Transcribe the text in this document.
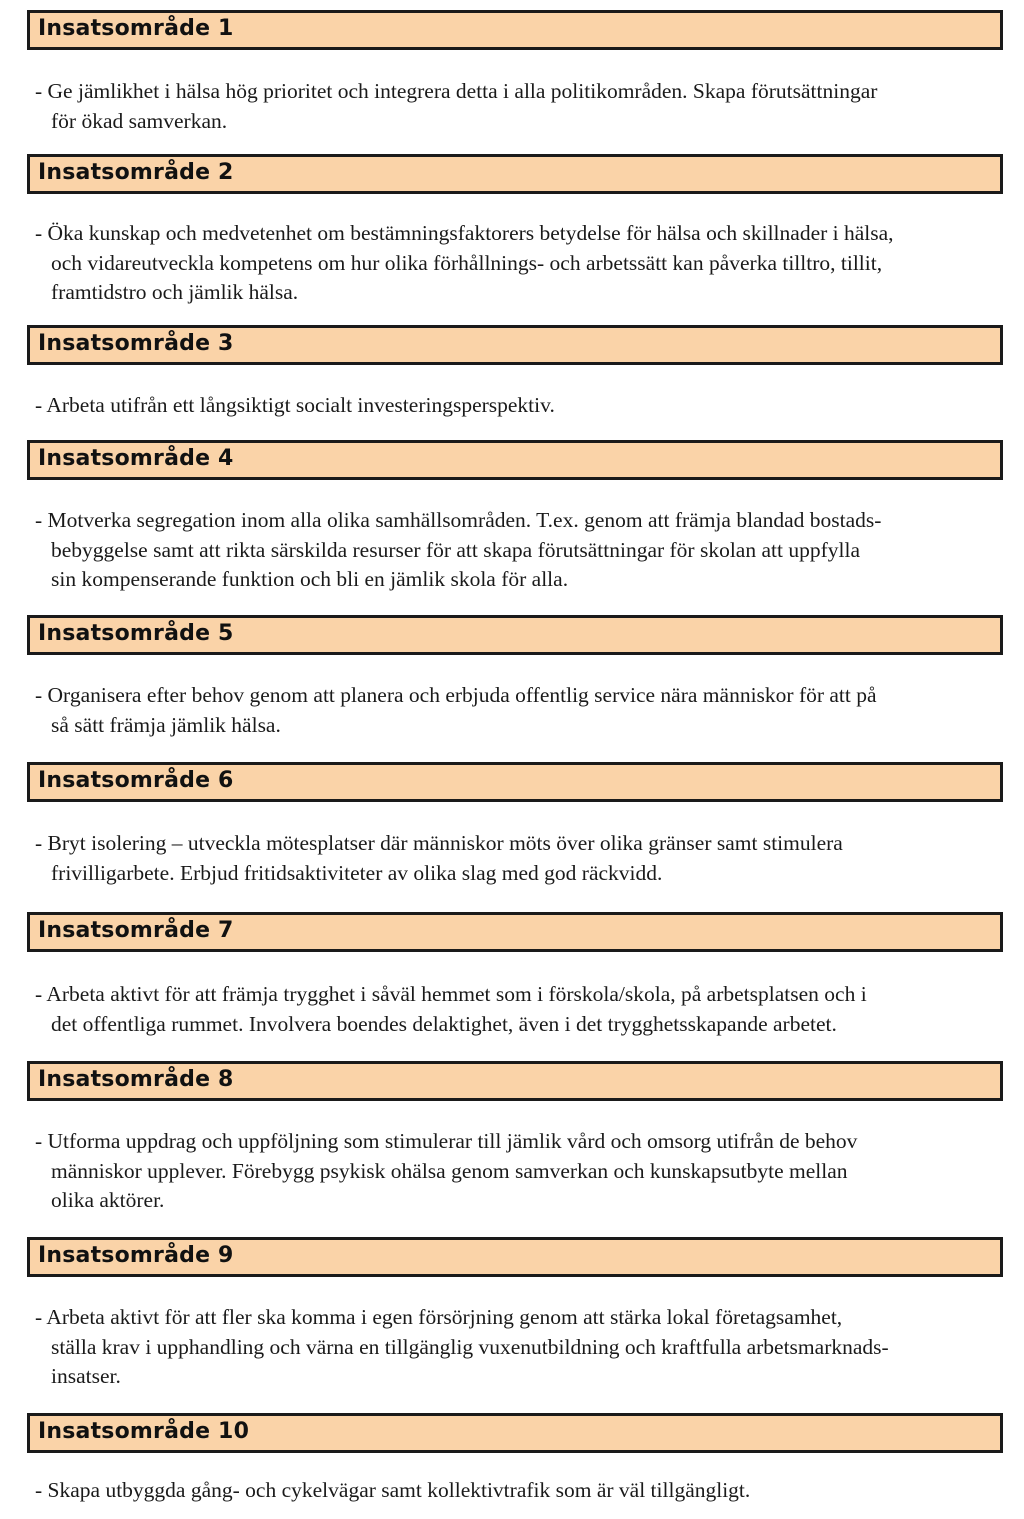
Insatsområde 1
- Ge jämlikhet i hälsa hög prioritet och integrera detta i alla politikområden. Skapa förutsättningar
för ökad samverkan.
Insatsområde 2
- Öka kunskap och medvetenhet om bestämningsfaktorers betydelse för hälsa och skillnader i hälsa,
och vidareutveckla kompetens om hur olika förhållnings- och arbetssätt kan påverka tilltro, tillit,
framtidstro och jämlik hälsa.
Insatsområde 3
- Arbeta utifrån ett långsiktigt socialt investeringsperspektiv.
Insatsområde 4
- Motverka segregation inom alla olika samhällsområden. T.ex. genom att främja blandad bostads-
bebyggelse samt att rikta särskilda resurser för att skapa förutsättningar för skolan att uppfylla
sin kompenserande funktion och bli en jämlik skola för alla.
Insatsområde 5
- Organisera efter behov genom att planera och erbjuda offentlig service nära människor för att på
så sätt främja jämlik hälsa.
Insatsområde 6
- Bryt isolering – utveckla mötesplatser där människor möts över olika gränser samt stimulera
frivilligarbete. Erbjud fritidsaktiviteter av olika slag med god räckvidd.
Insatsområde 7
- Arbeta aktivt för att främja trygghet i såväl hemmet som i förskola/skola, på arbetsplatsen och i
det offentliga rummet. Involvera boendes delaktighet, även i det trygghetsskapande arbetet.
Insatsområde 8
- Utforma uppdrag och uppföljning som stimulerar till jämlik vård och omsorg utifrån de behov
människor upplever. Förebygg psykisk ohälsa genom samverkan och kunskapsutbyte mellan
olika aktörer.
Insatsområde 9
- Arbeta aktivt för att fler ska komma i egen försörjning genom att stärka lokal företagsamhet,
ställa krav i upphandling och värna en tillgänglig vuxenutbildning och kraftfulla arbetsmarknads-
insatser.
Insatsområde 10
- Skapa utbyggda gång- och cykelvägar samt kollektivtrafik som är väl tillgängligt.
